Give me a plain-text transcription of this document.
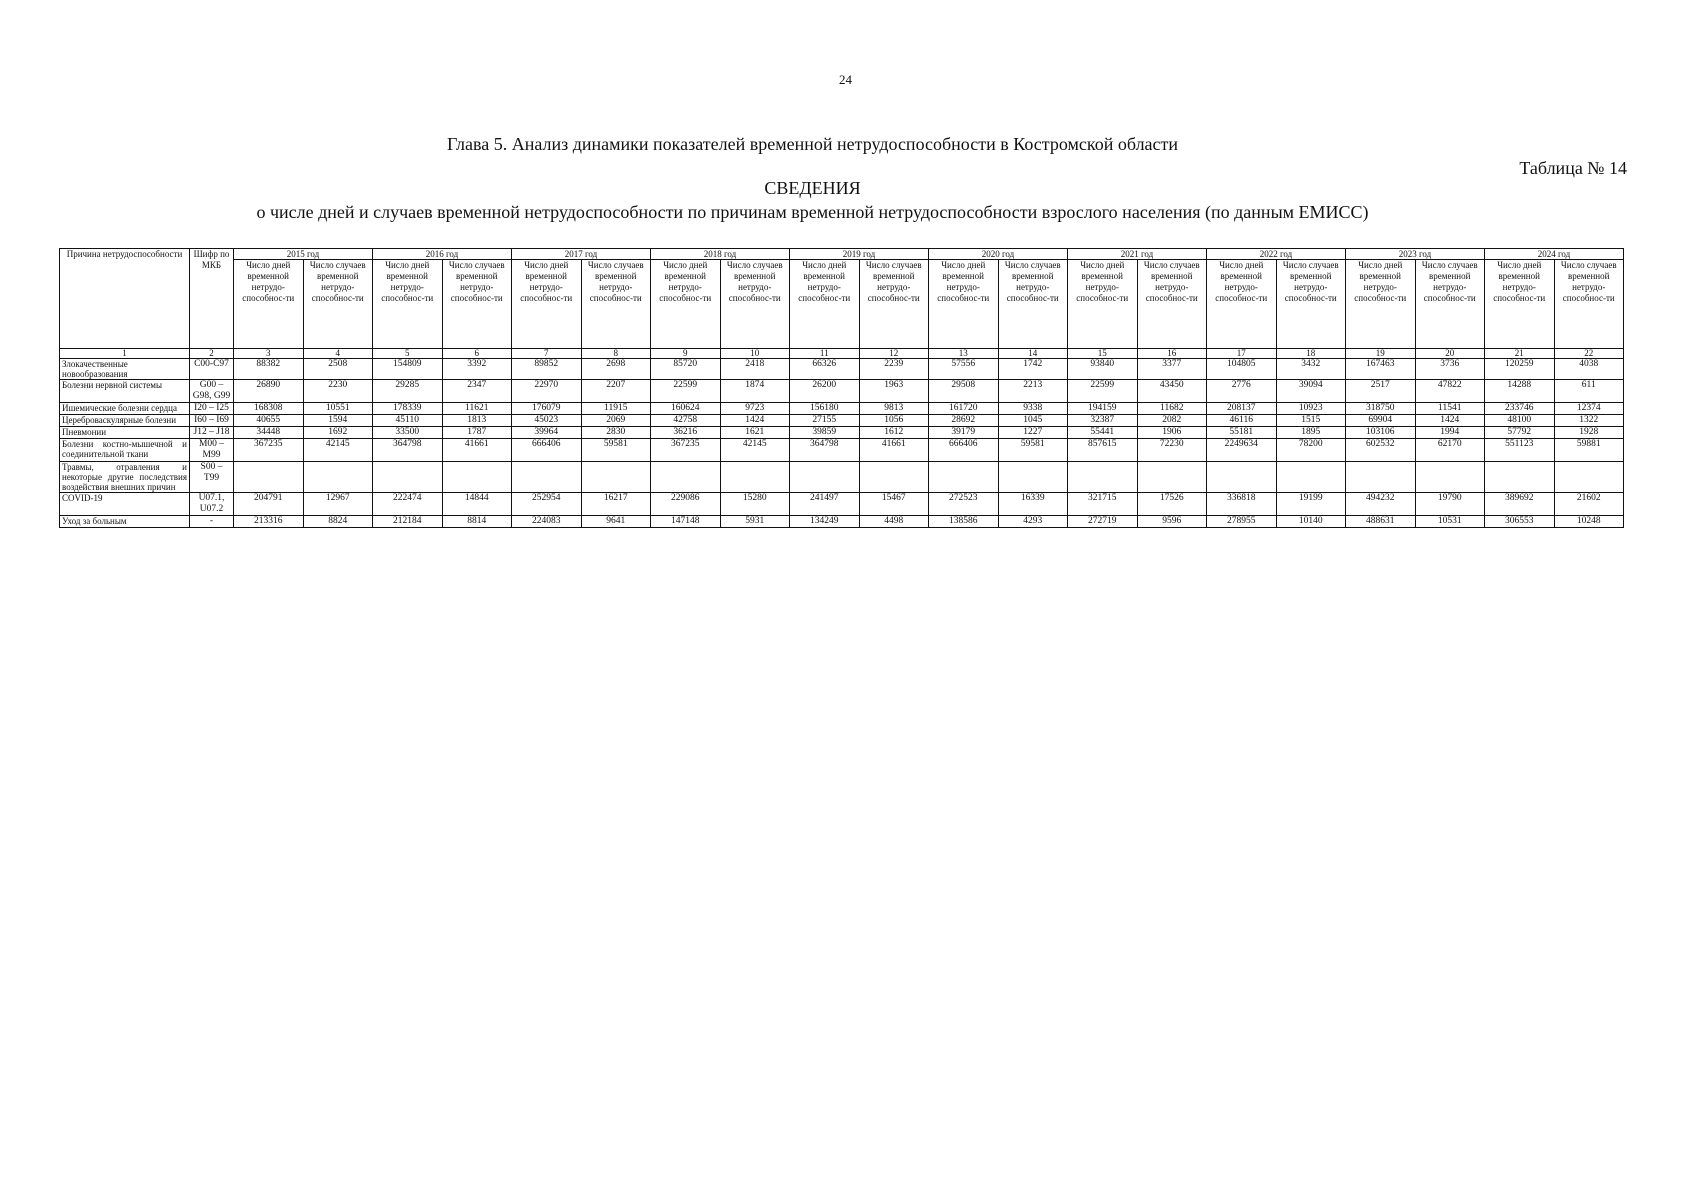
24
Глава 5. Анализ динамики показателей временной нетрудоспособности в Костромской области
Таблица № 14
СВЕДЕНИЯ
о числе дней и случаев временной нетрудоспособности по причинам временной нетрудоспособности взрослого населения (по данным ЕМИСС)
Причина нетрудоспособности	Шифр по МКБ	2015 год		2016 год		2017 год		2018 год		2019 год		2020 год		2021 год		2022 год		2023 год		2024 год	
		Число дней временной нетрудо-способнос-ти	Число случаев временной нетрудо-способнос-ти	Число дней временной нетрудо-способнос-ти	Число случаев временной нетрудо-способнос-ти	Число дней временной нетрудо-способнос-ти	Число случаев временной нетрудо-способнос-ти	Число дней временной нетрудо-способнос-ти	Число случаев временной нетрудо-способнос-ти	Число дней временной нетрудо-способнос-ти	Число случаев временной нетрудо-способнос-ти	Число дней временной нетрудо-способнос-ти	Число случаев временной нетрудо-способнос-ти	Число дней временной нетрудо-способнос-ти	Число случаев временной нетрудо-способнос-ти	Число дней временной нетрудо-способнос-ти	Число случаев временной нетрудо-способнос-ти	Число дней временной нетрудо-способнос-ти	Число случаев временной нетрудо-способнос-ти	Число дней временной нетрудо-способнос-ти	Число случаев временной нетрудо-способнос-ти
1	2	3	4	5	6	7	8	9	10	11	12	13	14	15	16	17	18	19	20	21	22
Злокачественные новообразования	С00-С97	88382	2508	154809	3392	89852	2698	85720	2418	66326	2239	57556	1742	93840	3377	104805	3432	167463	3736	120259	4038
Болезни нервной системы	G00 – G98, G99	26890	2230	29285	2347	22970	2207	22599	1874	26200	1963	29508	2213	22599	43450	2776	39094	2517	47822	14288	611
Ишемические болезни сердца	I20 – I25	168308	10551	178339	11621	176079	11915	160624	9723	156180	9813	161720	9338	194159	11682	208137	10923	318750	11541	233746	12374
Цереброваскулярные болезни	I60 – I69	40655	1594	45110	1813	45023	2069	42758	1424	27155	1056	28692	1045	32387	2082	46116	1515	69904	1424	48100	1322
Пневмонии	J12 – J18	34448	1692	33500	1787	39964	2830	36216	1621	39859	1612	39179	1227	55441	1906	55181	1895	103106	1994	57792	1928
Болезни костно-мышечной и соединительной ткани	M00 – M99	367235	42145	364798	41661	666406	59581	367235	42145	364798	41661	666406	59581	857615	72230	2249634	78200	602532	62170	551123	59881
Травмы, отравления и некоторые другие последствия воздействия внешних причин	S00 – T99																				
COVID-19	U07.1, U07.2	204791	12967	222474	14844	252954	16217	229086	15280	241497	15467	272523	16339	321715	17526	336818	19199	494232	19790	389692	21602
Уход за больным	-	213316	8824	212184	8814	224083	9641	147148	5931	134249	4498	138586	4293	272719	9596	278955	10140	488631	10531	306553	10248
